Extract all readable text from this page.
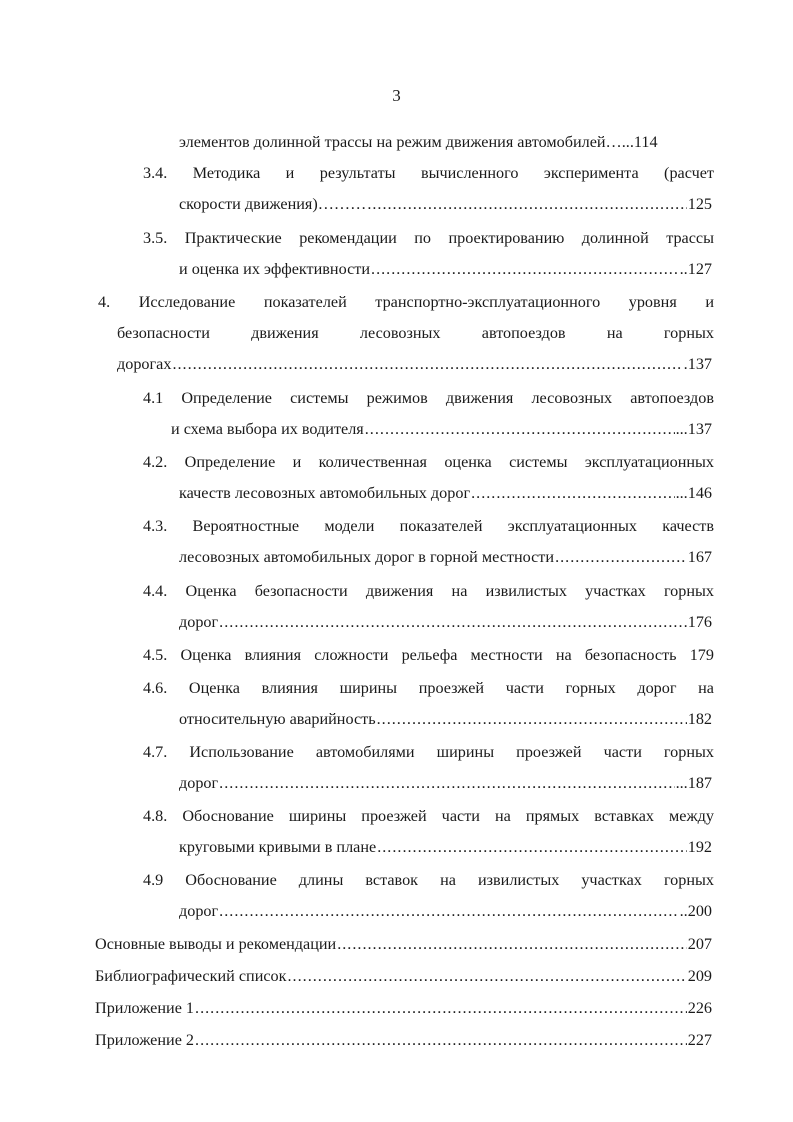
3
элементов долинной трассы на режим движения автомобилей… ...114
3.4. Методика и результаты вычисленного эксперимента (расчет
скорости движения)……… .....	125
3.5. Практические рекомендации по проектированию долинной трассы
и оценка их эффективности .....	..127
4. Исследование показателей транспортно-эксплуатационного уровня и
безопасности движения лесовозных автопоездов на горных
дорогах .....	.137
4.1 Определение системы режимов движения лесовозных автопоездов
и схема выбора их водителя .....	...137
4.2. Определение и количественная оценка системы эксплуатационных
качеств лесовозных автомобильных дорог .....	...146
4.3. Вероятностные модели показателей эксплуатационных качеств
лесовозных автомобильных дорог в горной местности .....	167
4.4. Оценка безопасности движения на извилистых участках горных
дорог .....	.176
4.5. Оценка влияния сложности рельефа местности на безопасность 179
4.6. Оценка влияния ширины проезжей части горных дорог на
относительную аварийность .....	182
4.7. Использование автомобилями ширины проезжей части горных
дорог .....	...187
4.8. Обоснование ширины проезжей части на прямых вставках между
круговыми кривыми в плане .....	192
4.9 Обоснование длины вставок на извилистых участках горных
дорог .....	..200
Основные выводы и рекомендации .....	207
Библиографический список .....	209
Приложение 1 .....	226
Приложение 2 .....	227
